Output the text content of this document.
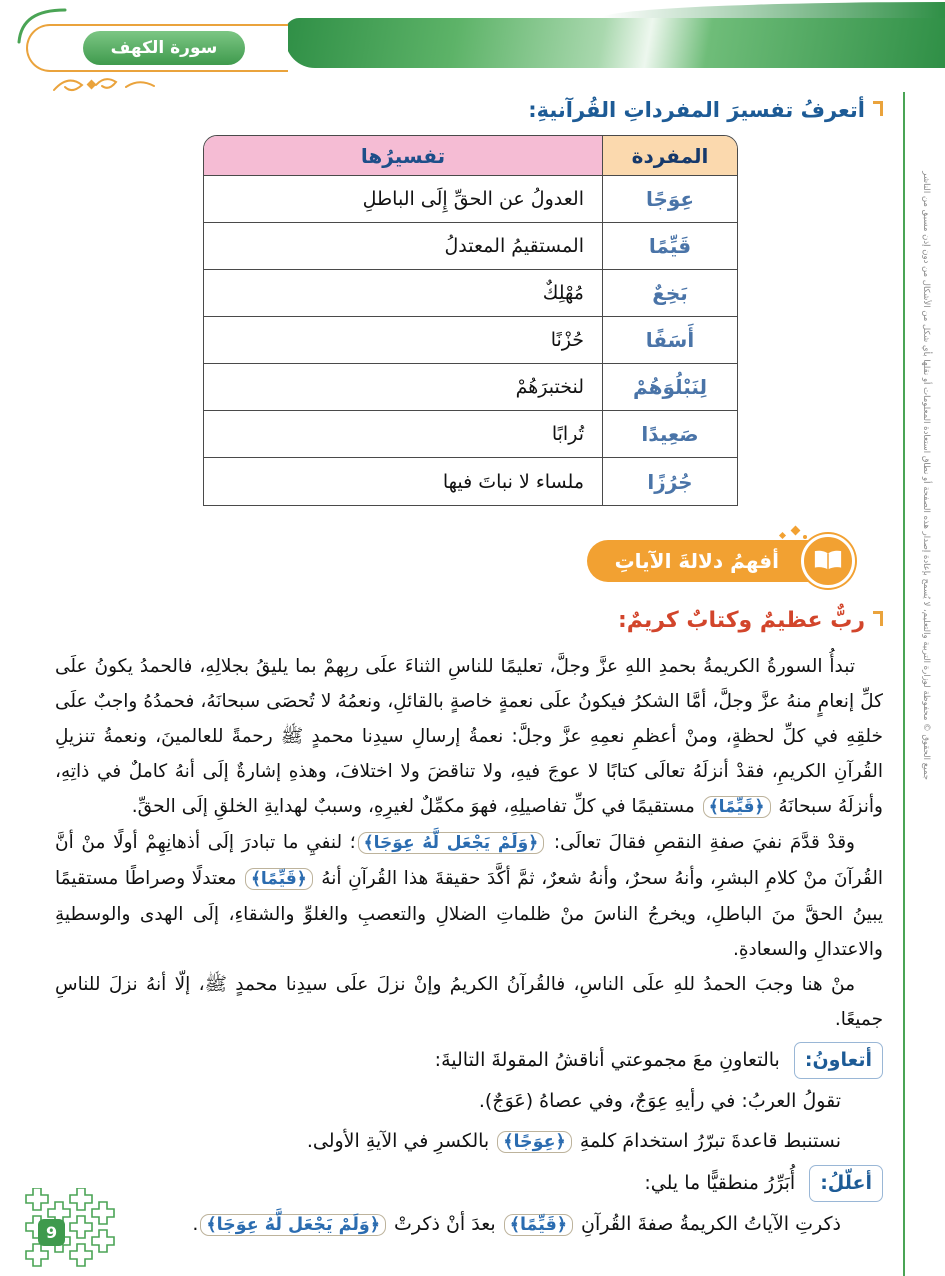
سورة الكهف
جميع الحقوق © محفوظة لوزارة التربية والتعليم، لا يُسمح بإعادة إصدار هذه الصفحة أو نطاق استعادة المعلومات أو نقلها بأي شكل من الأشكال من دون إذن مسبق من الناشر
أتعرفُ تفسيرَ المفرداتِ القُرآنيةِ:
المفردة	تفسيرُها
عِوَجًا	العدولُ عن الحقِّ إِلَى الباطلِ
قَيِّمًا	المستقيمُ المعتدلُ
بَخِعٌ	مُهْلِكٌ
أَسَفًا	حُزْنًا
لِنَبْلُوَهُمْ	لنختبرَهُمْ
صَعِيدًا	تُرابًا
جُرُزًا	ملساء لا نباتَ فيها
أفهمُ دلالةَ الآياتِ
ربٌّ عظيمٌ وكتابٌ كريمٌ:

تبدأُ السورةُ الكريمةُ بحمدِ اللهِ عزَّ وجلَّ، تعليمًا للناسِ الثناءَ علَى ربِهمْ بما يليقُ بجلالِهِ، فالحمدُ يكونُ علَى كلِّ إنعامٍ منهُ عزَّ وجلَّ، أمَّا الشكرُ فيكونُ علَى نعمةٍ خاصةٍ بالقائلِ، ونعمُهُ لا تُحصَى سبحانَهُ، فحمدُهُ واجبٌ علَى خلقِهِ في كلِّ لحظةٍ، ومنْ أعظمِ نعمِهِ عزَّ وجلَّ: نعمةُ إرسالِ سيدِنا محمدٍ ﷺ رحمةً للعالمينَ، ونعمةُ تنزيلِ القُرآنِ الكريمِ، فقدْ أنزلَهُ تعالَى كتابًا لا عوجَ فيهِ، ولا تناقضَ ولا اختلافَ، وهذهِ إشارةٌ إلَى أنهُ كاملٌ في ذاتِهِ، وأنزلَهُ سبحانَهُ ﴿قَيِّمًا﴾ مستقيمًا في كلِّ تفاصيلِهِ، فهوَ مكمِّلٌ لغيرِهِ، وسببٌ لهدايةِ الخلقِ إلَى الحقِّ.

وقدْ قدَّمَ نفيَ صفةِ النقصِ فقالَ تعالَى: ﴿وَلَمْ يَجْعَل لَّهُ عِوَجَا﴾؛ لنفيِ ما تبادرَ إلَى أذهانِهِمْ أولًا منْ أنَّ القُرآنَ منْ كلامِ البشرِ، وأنهُ سحرٌ، وأنهُ شعرٌ، ثمَّ أكَّدَ حقيقةَ هذا القُرآنِ أنهُ ﴿قَيِّمًا﴾ معتدلًا وصراطًا مستقيمًا يبينُ الحقَّ منَ الباطلِ، ويخرجُ الناسَ منْ ظلماتِ الضلالِ والتعصبِ والغلوِّ والشقاءِ، إلَى الهدى والوسطيةِ والاعتدالِ والسعادةِ.

منْ هنا وجبَ الحمدُ للهِ علَى الناسِ، فالقُرآنُ الكريمُ وإنْ نزلَ علَى سيدِنا محمدٍ ﷺ، إلّا أنهُ نزلَ للناسِ جميعًا.

أتعاونُ: بالتعاونِ معَ مجموعتي أناقشُ المقولةَ التاليةَ:

تقولُ العربُ: في رأيهِ عِوَجٌ، وفي عصاهُ (عَوَجٌ).

نستنبط قاعدةَ تبرّرُ استخدامَ كلمةِ ﴿عِوَجًا﴾ بالكسرِ في الآيةِ الأولى.

أعلّلُ: أُبَرِّرُ منطقيًّا ما يلي:

ذكرتِ الآياتُ الكريمةُ صفةَ القُرآنِ ﴿قَيِّمًا﴾ بعدَ أنْ ذكرتْ ﴿وَلَمْ يَجْعَل لَّهُ عِوَجَا﴾.

9
